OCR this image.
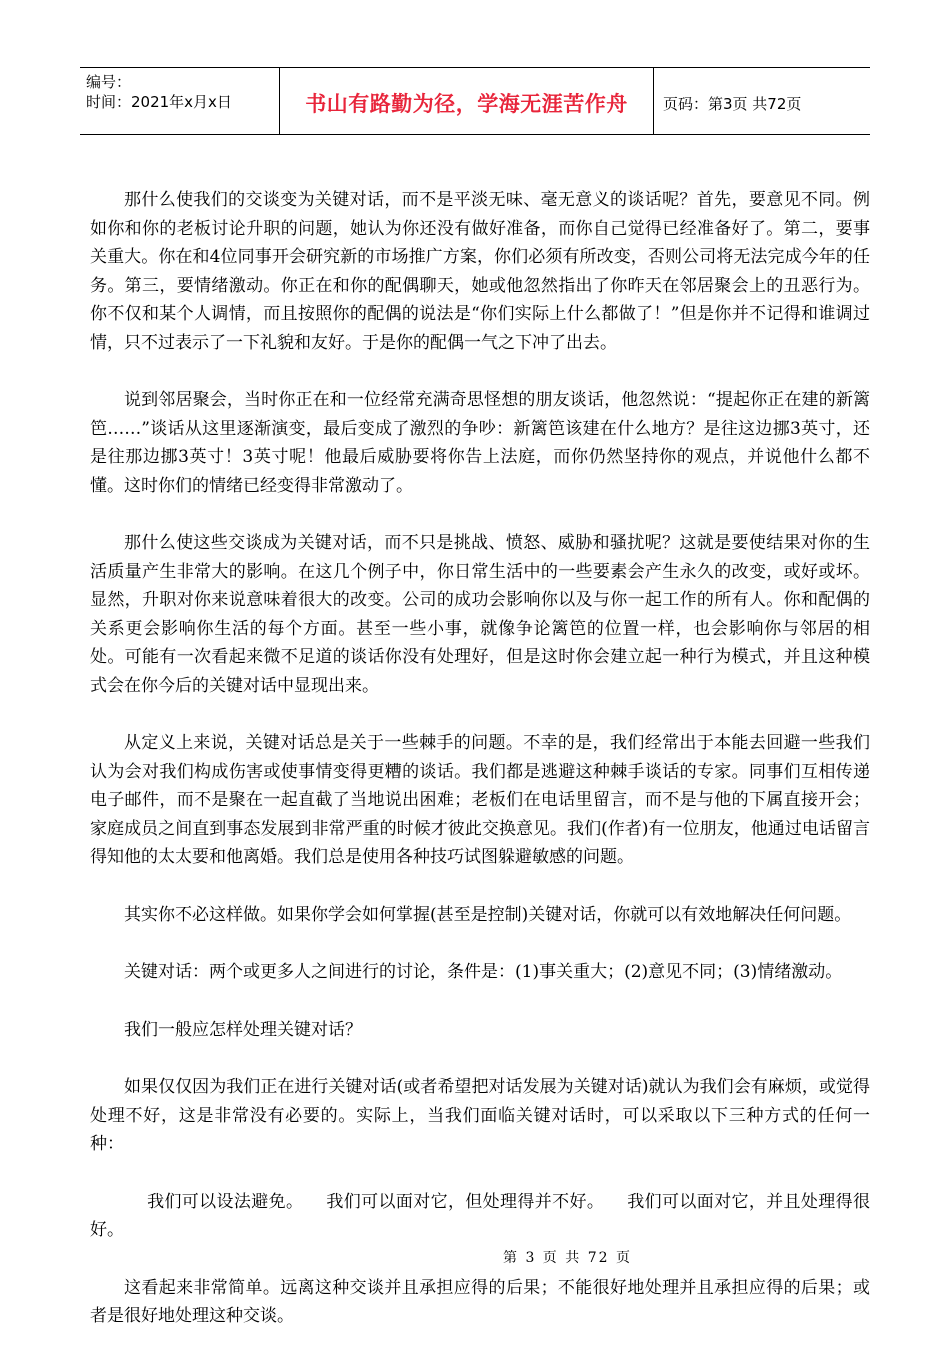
编号：
时间：2021年x月x日	书山有路勤为径，学海无涯苦作舟	页码：第3页 共72页

那什么使我们的交谈变为关键对话，而不是平淡无味、毫无意义的谈话呢？首先，要意见不同。例如你和你的老板讨论升职的问题，她认为你还没有做好准备，而你自己觉得已经准备好了。第二，要事关重大。你在和4位同事开会研究新的市场推广方案，你们必须有所改变，否则公司将无法完成今年的任务。第三，要情绪激动。你正在和你的配偶聊天，她或他忽然指出了你昨天在邻居聚会上的丑恶行为。你不仅和某个人调情，而且按照你的配偶的说法是“你们实际上什么都做了！”但是你并不记得和谁调过情，只不过表示了一下礼貌和友好。于是你的配偶一气之下冲了出去。

说到邻居聚会，当时你正在和一位经常充满奇思怪想的朋友谈话，他忽然说：“提起你正在建的新篱笆……”谈话从这里逐渐演变，最后变成了激烈的争吵：新篱笆该建在什么地方？是往这边挪3英寸，还是往那边挪3英寸！3英寸呢！他最后威胁要将你告上法庭，而你仍然坚持你的观点，并说他什么都不懂。这时你们的情绪已经变得非常激动了。

那什么使这些交谈成为关键对话，而不只是挑战、愤怒、威胁和骚扰呢？这就是要使结果对你的生活质量产生非常大的影响。在这几个例子中，你日常生活中的一些要素会产生永久的改变，或好或坏。显然，升职对你来说意味着很大的改变。公司的成功会影响你以及与你一起工作的所有人。你和配偶的关系更会影响你生活的每个方面。甚至一些小事，就像争论篱笆的位置一样，也会影响你与邻居的相处。可能有一次看起来微不足道的谈话你没有处理好，但是这时你会建立起一种行为模式，并且这种模式会在你今后的关键对话中显现出来。

从定义上来说，关键对话总是关于一些棘手的问题。不幸的是，我们经常出于本能去回避一些我们认为会对我们构成伤害或使事情变得更糟的谈话。我们都是逃避这种棘手谈话的专家。同事们互相传递电子邮件，而不是聚在一起直截了当地说出困难；老板们在电话里留言，而不是与他的下属直接开会；家庭成员之间直到事态发展到非常严重的时候才彼此交换意见。我们(作者)有一位朋友，他通过电话留言得知他的太太要和他离婚。我们总是使用各种技巧试图躲避敏感的问题。

其实你不必这样做。如果你学会如何掌握(甚至是控制)关键对话，你就可以有效地解决任何问题。

关键对话：两个或更多人之间进行的讨论，条件是：(1)事关重大；(2)意见不同；(3)情绪激动。

我们一般应怎样处理关键对话？

如果仅仅因为我们正在进行关键对话(或者希望把对话发展为关键对话)就认为我们会有麻烦，或觉得处理不好，这是非常没有必要的。实际上，当我们面临关键对话时，可以采取以下三种方式的任何一种：

我们可以设法避免。    我们可以面对它，但处理得并不好。    我们可以面对它，并且处理得很好。

这看起来非常简单。远离这种交谈并且承担应得的后果；不能很好地处理并且承担应得的后果；或者是很好地处理这种交谈。

第 3 页 共 72 页
